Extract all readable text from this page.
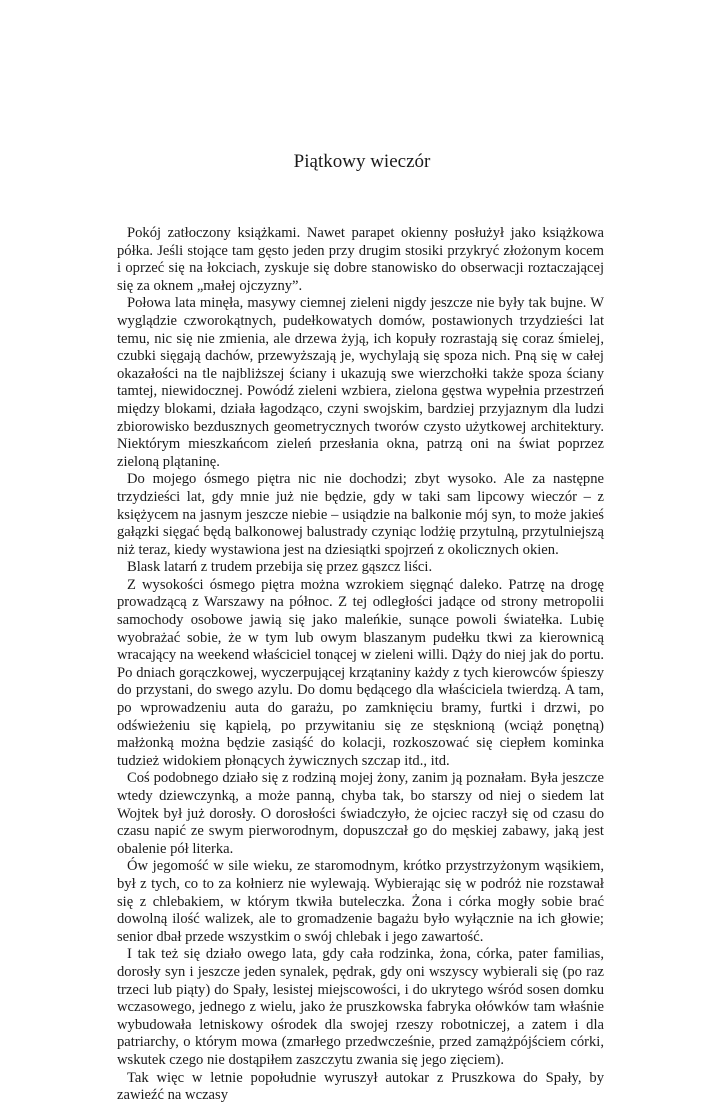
Piątkowy wieczór

Pokój zatłoczony książkami. Nawet parapet okienny posłużył jako książkowa półka. Jeśli stojące tam gęsto jeden przy drugim stosiki przykryć złożonym kocem i oprzeć się na łokciach, zyskuje się dobre stanowisko do obserwacji roztaczającej się za oknem „małej ojczyzny”.

Połowa lata minęła, masywy ciemnej zieleni nigdy jeszcze nie były tak bujne. W wyglądzie czworokątnych, pudełkowatych domów, postawionych trzydzieści lat temu, nic się nie zmienia, ale drzewa żyją, ich kopuły rozrastają się coraz śmielej, czubki sięgają dachów, przewyższają je, wychylają się spoza nich. Pną się w całej okazałości na tle najbliższej ściany i ukazują swe wierzchołki także spoza ściany tamtej, niewidocznej. Powódź zieleni wzbiera, zielona gęstwa wypełnia przestrzeń między blokami, działa łagodząco, czyni swojskim, bardziej przyjaznym dla ludzi zbiorowisko bezdusznych geometrycznych tworów czysto użytkowej architektury. Niektórym mieszkańcom zieleń przesłania okna, patrzą oni na świat poprzez zieloną plątaninę.

Do mojego ósmego piętra nic nie dochodzi; zbyt wysoko. Ale za następne trzydzieści lat, gdy mnie już nie będzie, gdy w taki sam lipcowy wieczór – z księżycem na jasnym jeszcze niebie – usiądzie na balkonie mój syn, to może jakieś gałązki sięgać będą balkonowej balustrady czyniąc lodżię przytulną, przytulniejszą niż teraz, kiedy wystawiona jest na dziesiątki spojrzeń z okolicznych okien.

Blask latarń z trudem przebija się przez gąszcz liści.

Z wysokości ósmego piętra można wzrokiem sięgnąć daleko. Patrzę na drogę prowadzącą z Warszawy na północ. Z tej odległości jadące od strony metropolii samochody osobowe jawią się jako maleńkie, sunące powoli światełka. Lubię wyobrażać sobie, że w tym lub owym blaszanym pudełku tkwi za kierownicą wracający na weekend właściciel tonącej w zieleni willi. Dąży do niej jak do portu. Po dniach gorączkowej, wyczerpującej krzątaniny każdy z tych kierowców śpieszy do przystani, do swego azylu. Do domu będącego dla właściciela twierdzą. A tam, po wprowadzeniu auta do garażu, po zamknięciu bramy, furtki i drzwi, po odświeżeniu się kąpielą, po przywitaniu się ze stęsknioną (wciąż ponętną) małżonką można będzie zasiąść do kolacji, rozkoszować się ciepłem kominka tudzież widokiem płonących żywicznych szczap itd., itd.

Coś podobnego działo się z rodziną mojej żony, zanim ją poznałam. Była jeszcze wtedy dziewczynką, a może panną, chyba tak, bo starszy od niej o siedem lat Wojtek był już dorosły. O dorosłości świadczyło, że ojciec raczył się od czasu do czasu napić ze swym pierworodnym, dopuszczał go do męskiej zabawy, jaką jest obalenie pół literka.

Ów jegomość w sile wieku, ze staromodnym, krótko przystrzyżonym wąsikiem, był z tych, co to za kołnierz nie wylewają. Wybierając się w podróż nie rozstawał się z chlebakiem, w którym tkwiła buteleczka. Żona i córka mogły sobie brać dowolną ilość walizek, ale to gromadzenie bagażu było wyłącznie na ich głowie; senior dbał przede wszystkim o swój chlebak i jego zawartość.

I tak też się działo owego lata, gdy cała rodzinka, żona, córka, pater familias, dorosły syn i jeszcze jeden synalek, pędrak, gdy oni wszyscy wybierali się (po raz trzeci lub piąty) do Spały, lesistej miejscowości, i do ukrytego wśród sosen domku wczasowego, jednego z wielu, jako że pruszkowska fabryka ołówków tam właśnie wybudowała letniskowy ośrodek dla swojej rzeszy robotniczej, a zatem i dla patriarchy, o którym mowa (zmarłego przedwcześnie, przed zamążpójściem córki, wskutek czego nie dostąpiłem zaszczytu zwania się jego zięciem).

Tak więc w letnie popołudnie wyruszył autokar z Pruszkowa do Spały, by zawieźć na wczasy
